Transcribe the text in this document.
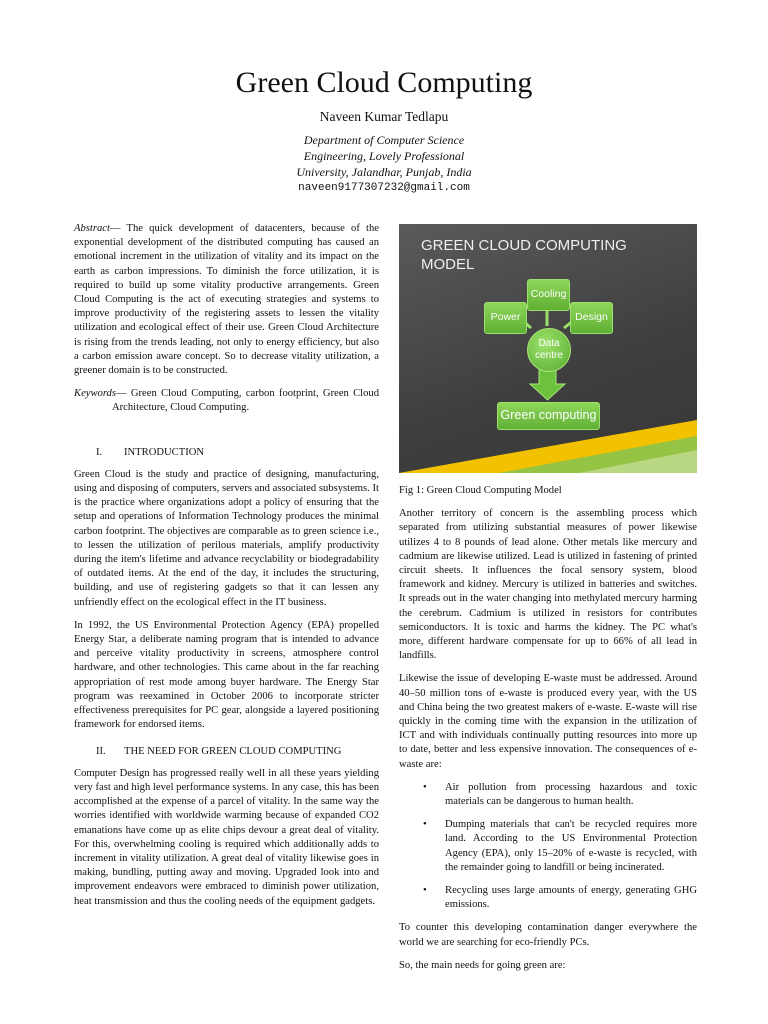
Green Cloud Computing
Naveen Kumar Tedlapu
Department of Computer Science
Engineering, Lovely Professional
University, Jalandhar, Punjab, India
naveen9177307232@gmail.com

Abstract— The quick development of datacenters, because of the exponential development of the distributed computing has caused an emotional increment in the utilization of vitality and its impact on the earth as carbon impressions. To diminish the force utilization, it is required to build up some vitality productive arrangements. Green Cloud Computing is the act of executing strategies and systems to improve productivity of the registering assets to lessen the vitality utilization and ecological effect of their use. Green Cloud Architecture is rising from the trends leading, not only to energy efficiency, but also a carbon emission aware concept. So to decrease vitality utilization, a greener domain is to be constructed.

Keywords— Green Cloud Computing, carbon footprint, Green Cloud Architecture, Cloud Computing.

I. INTRODUCTION

Green Cloud is the study and practice of designing, manufacturing, using and disposing of computers, servers and associated subsystems. It is the practice where organizations adopt a policy of ensuring that the setup and operations of Information Technology produces the minimal carbon footprint. The objectives are comparable as to green science i.e., to lessen the utilization of perilous materials, amplify productivity during the item's lifetime and advance recyclability or biodegradability of outdated items. At the end of the day, it includes the structuring, building, and use of registering gadgets so that it can lessen any unfriendly effect on the ecological effect in the IT business.

In 1992, the US Environmental Protection Agency (EPA) propelled Energy Star, a deliberate naming program that is intended to advance and perceive vitality productivity in screens, atmosphere control hardware, and other technologies. This came about in the far reaching appropriation of rest mode among buyer hardware. The Energy Star program was reexamined in October 2006 to incorporate stricter effectiveness prerequisites for PC gear, alongside a layered positioning framework for endorsed items.

II. THE NEED FOR GREEN CLOUD COMPUTING

Computer Design has progressed really well in all these years yielding very fast and high level performance systems. In any case, this has been accomplished at the expense of a parcel of vitality. In the same way the worries identified with worldwide warming because of expanded CO2 emanations have come up as elite chips devour a great deal of vitality. For this, overwhelming cooling is required which additionally adds to increment in vitality utilization. A great deal of vitality likewise goes in making, bundling, putting away and moving. Upgraded look into and improvement endeavors were embraced to diminish power utilization, heat transmission and thus the cooling needs of the equipment gadgets.

GREEN CLOUD COMPUTING
MODEL
Cooling
Power	Design
Data
centre
Green computing

Fig 1: Green Cloud Computing Model

Another territory of concern is the assembling process which separated from utilizing substantial measures of power likewise utilizes 4 to 8 pounds of lead alone. Other metals like mercury and cadmium are likewise utilized. Lead is utilized in fastening of printed circuit sheets. It influences the focal sensory system, blood framework and kidney. Mercury is utilized in batteries and switches. It spreads out in the water changing into methylated mercury harming the cerebrum. Cadmium is utilized in resistors for contributes semiconductors. It is toxic and harms the kidney. The PC what's more, different hardware compensate for up to 66% of all lead in landfills.

Likewise the issue of developing E-waste must be addressed. Around 40–50 million tons of e-waste is produced every year, with the US and China being the two greatest makers of e-waste. E-waste will rise quickly in the coming time with the expansion in the utilization of ICT and with individuals continually putting resources into more up to date, better and less expensive innovation. The consequences of e-waste are:

• Air pollution from processing hazardous and toxic materials can be dangerous to human health.
• Dumping materials that can't be recycled requires more land. According to the US Environmental Protection Agency (EPA), only 15–20% of e-waste is recycled, with the remainder going to landfill or being incinerated.
• Recycling uses large amounts of energy, generating GHG emissions.

To counter this developing contamination danger everywhere the world we are searching for eco-friendly PCs.

So, the main needs for going green are:
